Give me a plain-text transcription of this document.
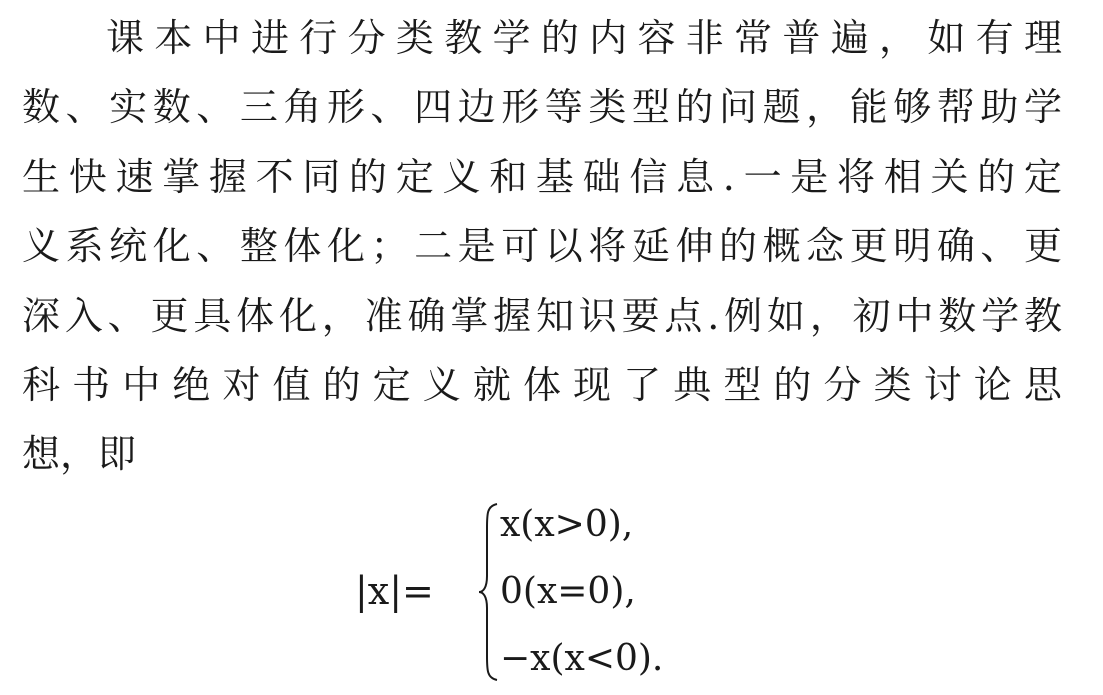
课 本 中 进 行 分 类 教 学 的 内 容 非 常 普 遍 ， 如 有 理
数 、 实 数 、 三 角 形 、 四 边 形 等 类 型 的 问 题 ， 能 够 帮 助 学
生 快 速 掌 握 不 同 的 定 义 和 基 础 信 息 . 一 是 将 相 关 的 定
义 系 统 化 、 整 体 化 ； 二 是 可 以 将 延 伸 的 概 念 更 明 确 、 更
深 入 、 更 具 体 化 ， 准 确 掌 握 知 识 要 点 . 例 如 ， 初 中 数 学 教
科 书 中 绝 对 值 的 定 义 就 体 现 了 典 型 的 分 类 讨 论 思
想，即
|x|=
x(x>0),
0(x=0),
−x(x<0).
